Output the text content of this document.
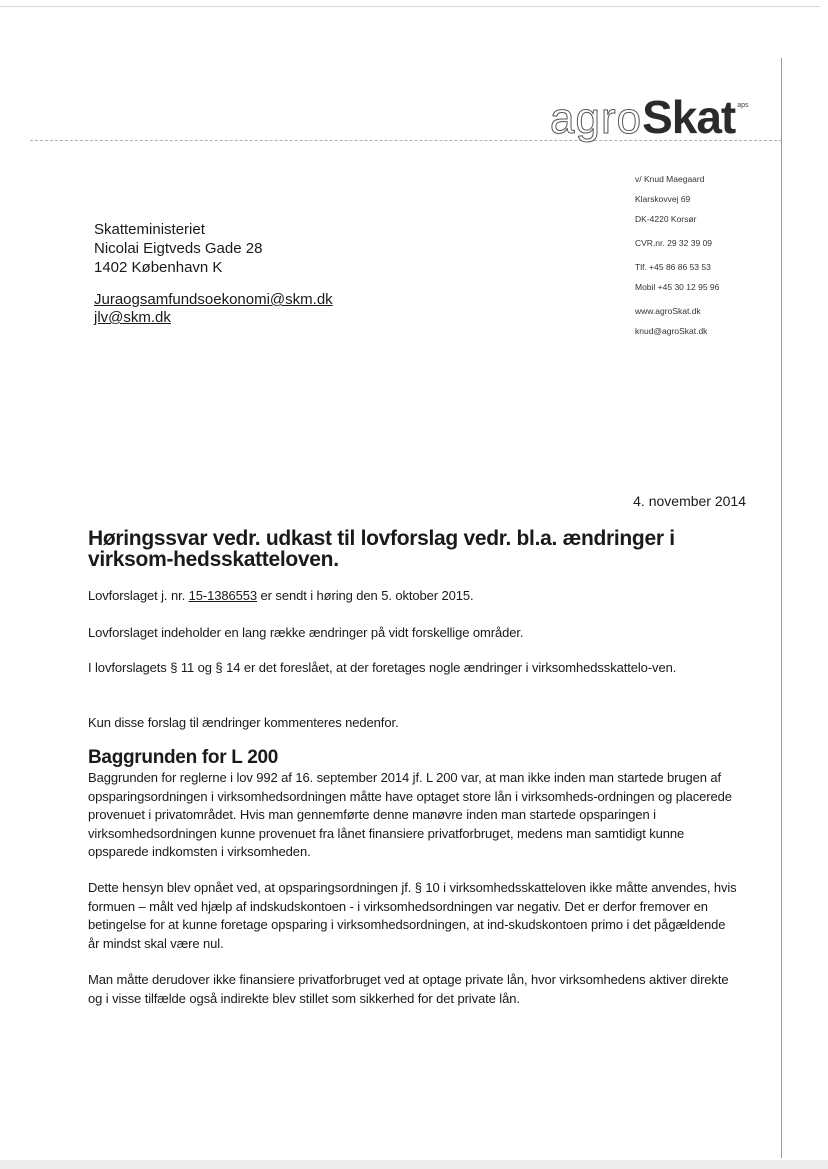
agroSkat $^{aps}$
Skatteministeriet
Nicolai Eigtveds Gade 28
1402 København K
Juraogsamfundsoekonomi@skm.dk
jlv@skm.dk
v/ Knud Maegaard
Klarskovvej 69
DK-4220 Korsør
CVR.nr. 29 32 39 09
Tlf. +45 86 86 53 53
Mobil +45 30 12 95 96
www.agroSkat.dk
knud@agroSkat.dk
4. november 2014
Høringssvar vedr. udkast til lovforslag vedr. bl.a. ændringer i virksom-hedsskatteloven.
Lovforslaget j. nr. 15-1386553 er sendt i høring den 5. oktober 2015.
Lovforslaget indeholder en lang række ændringer på vidt forskellige områder.
I lovforslagets § 11 og § 14 er det foreslået, at der foretages nogle ændringer i virksomhedsskattelo-ven.
Kun disse forslag til ændringer kommenteres nedenfor.
Baggrunden for L 200
Baggrunden for reglerne i lov 992 af 16. september 2014 jf. L 200 var, at man ikke inden man startede brugen af opsparingsordningen i virksomhedsordningen måtte have optaget store lån i virksomheds-ordningen og placerede provenuet i privatområdet. Hvis man gennemførte denne manøvre inden man startede opsparingen i virksomhedsordningen kunne provenuet fra lånet finansiere privatforbruget, medens man samtidigt kunne opsparede indkomsten i virksomheden.
Dette hensyn blev opnået ved, at opsparingsordningen jf. § 10 i virksomhedsskatteloven ikke måtte anvendes, hvis formuen – målt ved hjælp af indskudskontoen - i virksomhedsordningen var negativ. Det er derfor fremover en betingelse for at kunne foretage opsparing i virksomhedsordningen, at ind-skudskontoen primo i det pågældende år mindst skal være nul.
Man måtte derudover ikke finansiere privatforbruget ved at optage private lån, hvor virksomhedens aktiver direkte og i visse tilfælde også indirekte blev stillet som sikkerhed for det private lån.
